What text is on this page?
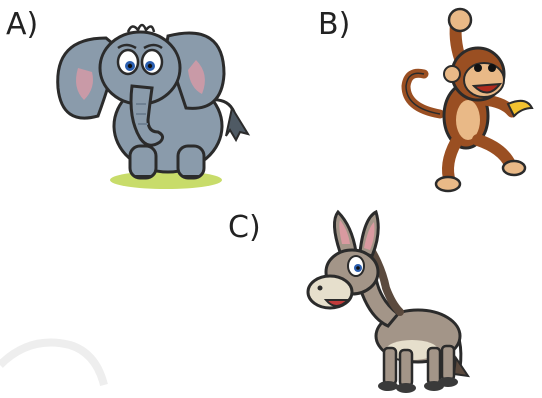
A)	B)
C)
